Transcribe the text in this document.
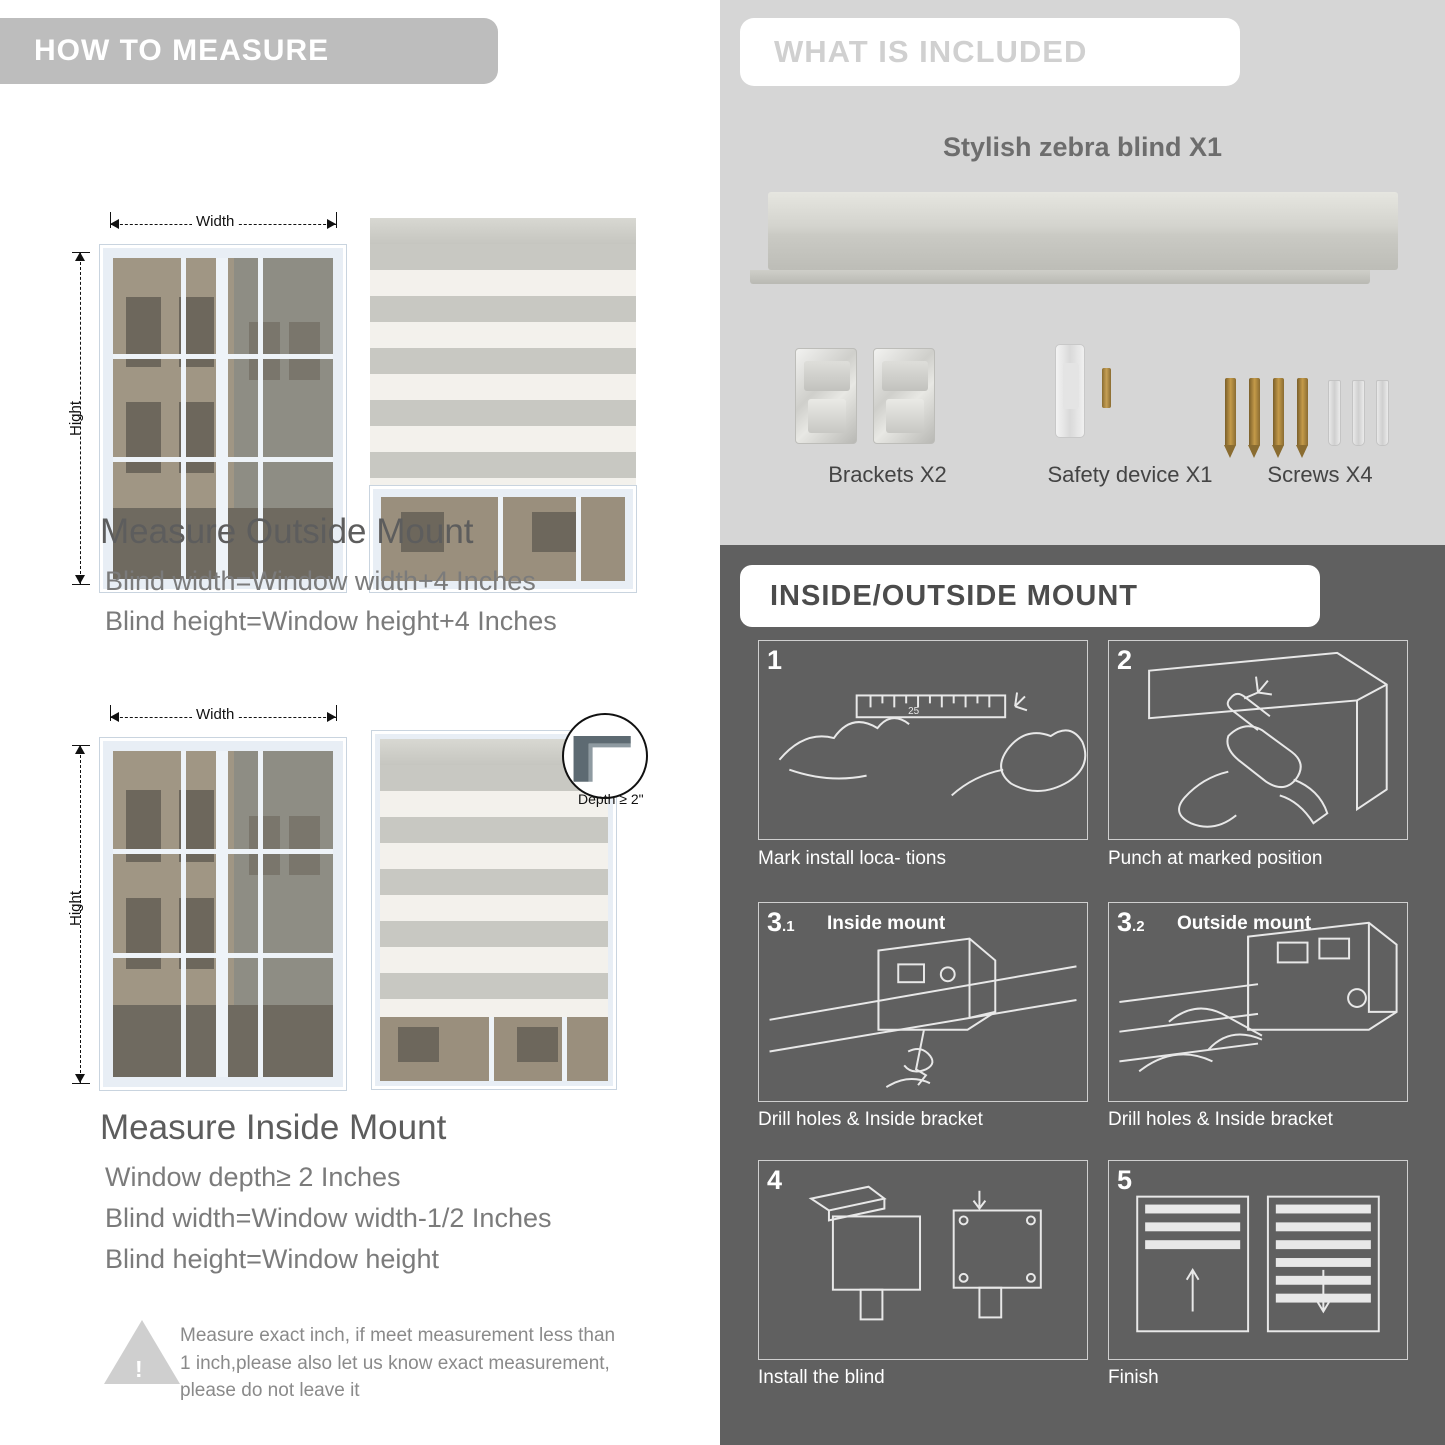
HOW TO MEASURE
Width
Hight
Measure Outside Mount
Blind width=Window width+4 Inches
Blind height=Window height+4 Inches
Width
Hight
Depth ≥ 2"
Measure Inside Mount
Window depth≥ 2 Inches
Blind width=Window width-1/2 Inches
Blind height=Window height
!
Measure exact inch, if meet measurement less than 1 inch,please also let us know exact measurement, please do not leave it
WHAT IS INCLUDED
Stylish zebra blind X1
Brackets X2	Safety device X1	Screws X4
INSIDE/OUTSIDE MOUNT
1
25
Mark install loca- tions
2
Punch at marked position
3.1 Inside mount
Drill holes & Inside bracket
3.2 Outside mount
Drill holes & Inside bracket
4
Install the blind
5
Finish
